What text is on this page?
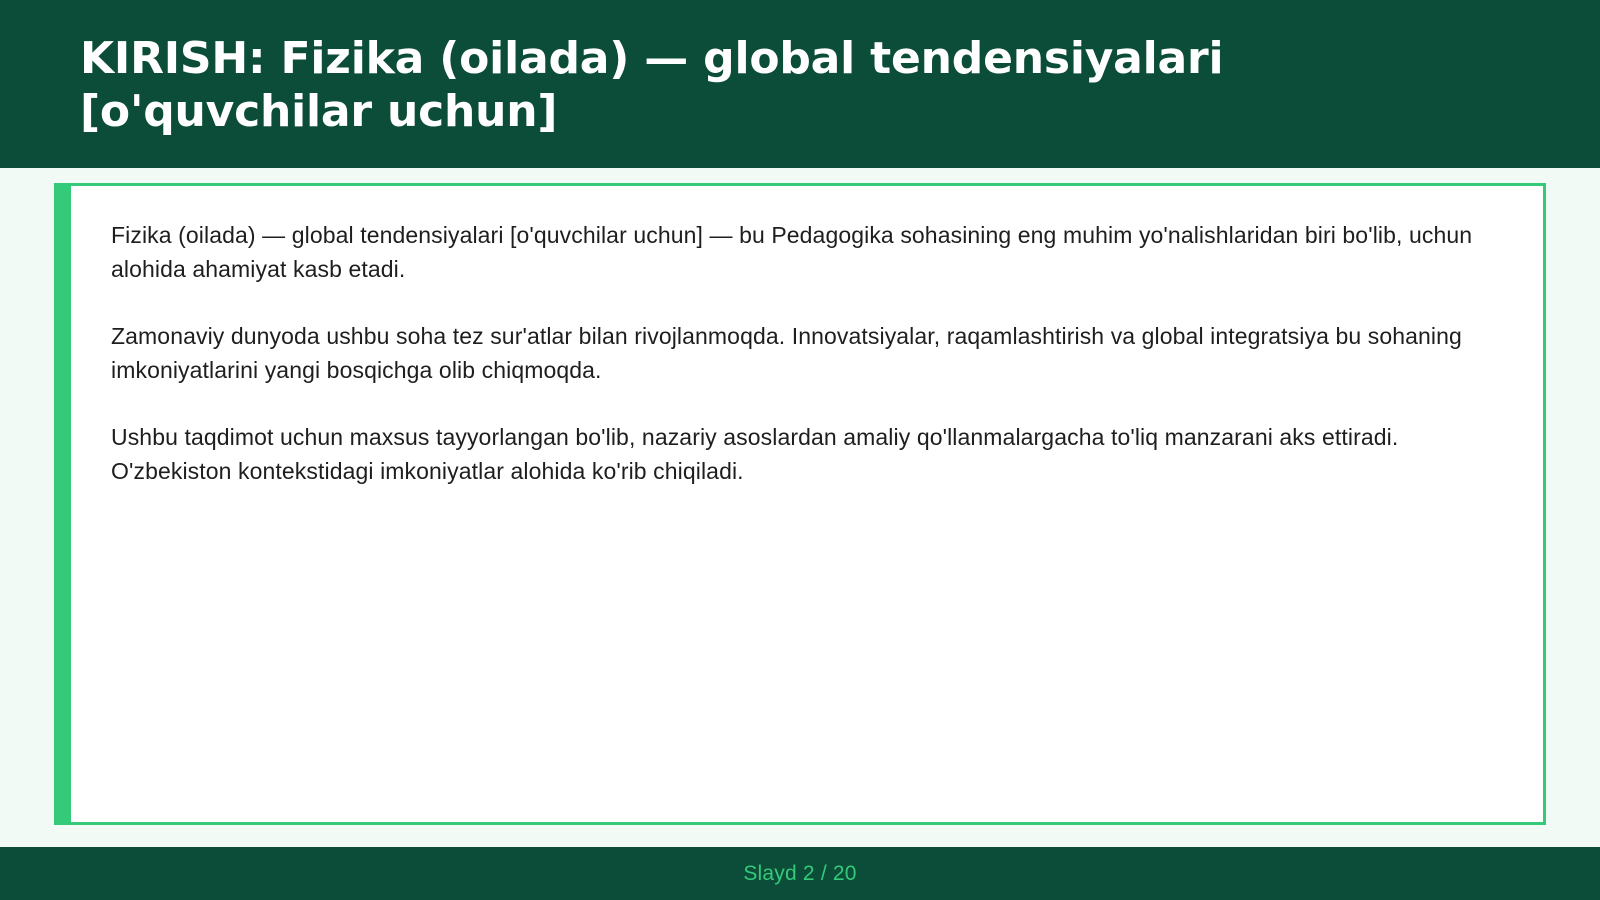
KIRISH: Fizika (oilada) — global tendensiyalari [o'quvchilar uchun]

Fizika (oilada) — global tendensiyalari [o'quvchilar uchun] — bu Pedagogika sohasining eng muhim yo'nalishlaridan biri bo'lib, uchun alohida ahamiyat kasb etadi.

Zamonaviy dunyoda ushbu soha tez sur'atlar bilan rivojlanmoqda. Innovatsiyalar, raqamlashtirish va global integratsiya bu sohaning imkoniyatlarini yangi bosqichga olib chiqmoqda.

Ushbu taqdimot uchun maxsus tayyorlangan bo'lib, nazariy asoslardan amaliy qo'llanmalargacha to'liq manzarani aks ettiradi. O'zbekiston kontekstidagi imkoniyatlar alohida ko'rib chiqiladi.

Slayd 2 / 20
